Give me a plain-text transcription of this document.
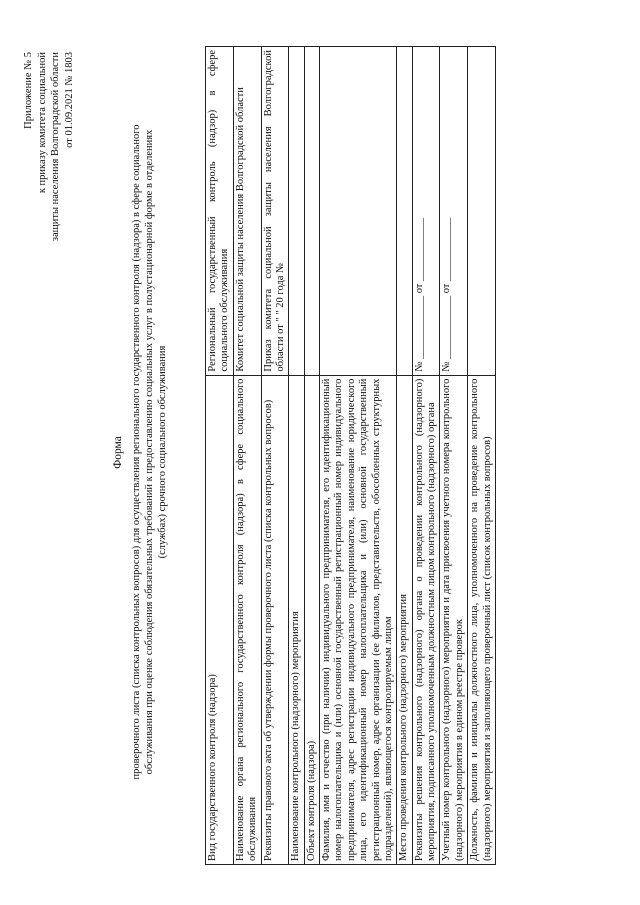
Приложение № 5 к приказу комитета социальной защиты населения Волгоградской области от 01.09.2021 № 1803
Форма проверочного листа (списка контрольных вопросов) для осуществления регионального государственного контроля (надзора) в сфере социального обслуживания при оценке соблюдения обязательных требований к предоставлению социальных услуг в полустационарной форме в отделениях (службах) срочного социального обслуживания
Вид государственного контроля (надзора)	Региональный государственный контроль (надзор) в сфере социального обслуживания
Наименование органа регионального государственного контроля (надзора) в сфере социального обслуживания	Комитет социальной защиты населения Волгоградской области
Реквизиты правового акта об утверждении формы проверочного листа (списка контрольных вопросов)	Приказ комитета социальной защиты населения Волгоградской области от " " 20 года №
Наименование контрольного (надзорного) мероприятия	
Объект контроля (надзора)	
Фамилия, имя и отчество (при наличии) индивидуального предпринимателя, его идентификационный номер налогоплательщика и (или) основной государственный регистрационный номер индивидуального предпринимателя, адрес регистрации индивидуального предпринимателя, наименование юридического лица, его идентификационный номер налогоплательщика и (или) основной государственный регистрационный номер, адрес организации (ее филиалов, представительств, обособленных структурных подразделений), являющегося контролируемым лицом	
Место проведения контрольного (надзорного) мероприятия	
Реквизиты решения контрольного (надзорного) органа о проведении контрольного (надзорного) мероприятия, подписанного уполномоченным должностным лицом контрольного (надзорного) органа	№ ____________ от ____________
Учетный номер контрольного (надзорного) мероприятия и дата присвоения учетного номера контрольного (надзорного) мероприятия в едином реестре проверок	№ ____________ от ____________
Должность, фамилия и инициалы должностного лица, уполномоченного на проведение контрольного (надзорного) мероприятия и заполняющего проверочный лист (список контрольных вопросов)	
